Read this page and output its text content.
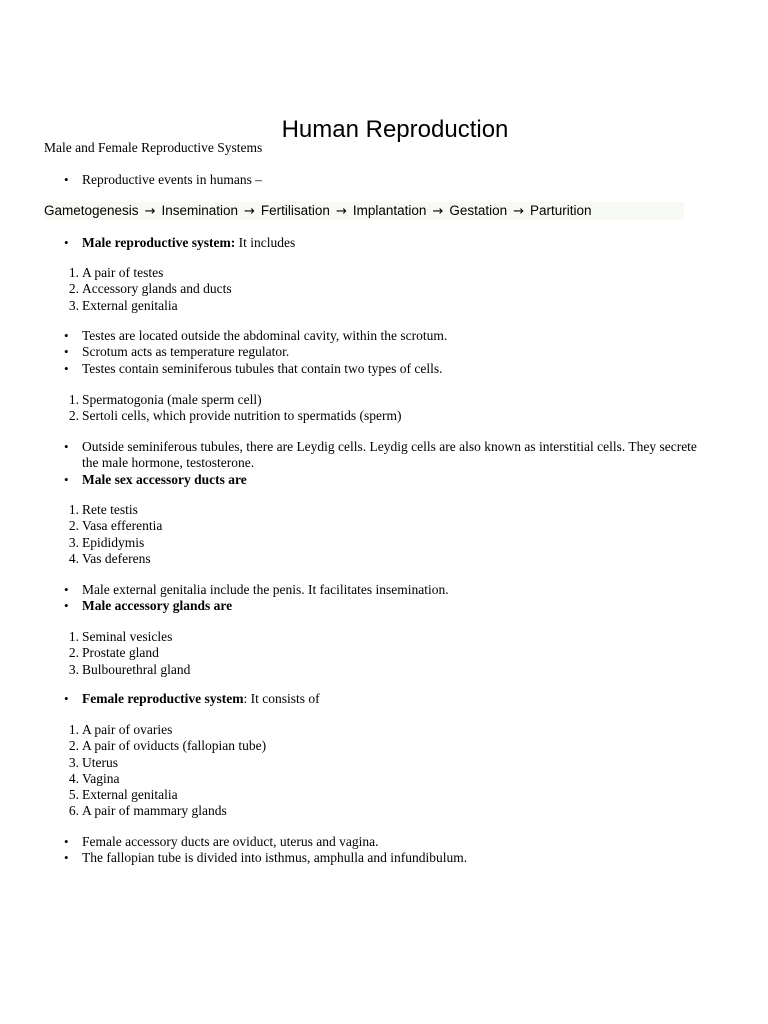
Human Reproduction
Male and Female Reproductive Systems
• Reproductive events in humans –
Gametogenesis → Insemination → Fertilisation → Implantation → Gestation → Parturition
• Male reproductive system: It includes
1. A pair of testes
2. Accessory glands and ducts
3. External genitalia
• Testes are located outside the abdominal cavity, within the scrotum.
• Scrotum acts as temperature regulator.
• Testes contain seminiferous tubules that contain two types of cells.
1. Spermatogonia (male sperm cell)
2. Sertoli cells, which provide nutrition to spermatids (sperm)
• Outside seminiferous tubules, there are Leydig cells. Leydig cells are also known as interstitial cells. They secrete the male hormone, testosterone.
• Male sex accessory ducts are
1. Rete testis
2. Vasa efferentia
3. Epididymis
4. Vas deferens
• Male external genitalia include the penis. It facilitates insemination.
• Male accessory glands are
1. Seminal vesicles
2. Prostate gland
3. Bulbourethral gland
• Female reproductive system: It consists of
1. A pair of ovaries
2. A pair of oviducts (fallopian tube)
3. Uterus
4. Vagina
5. External genitalia
6. A pair of mammary glands
• Female accessory ducts are oviduct, uterus and vagina.
• The fallopian tube is divided into isthmus, amphulla and infundibulum.
